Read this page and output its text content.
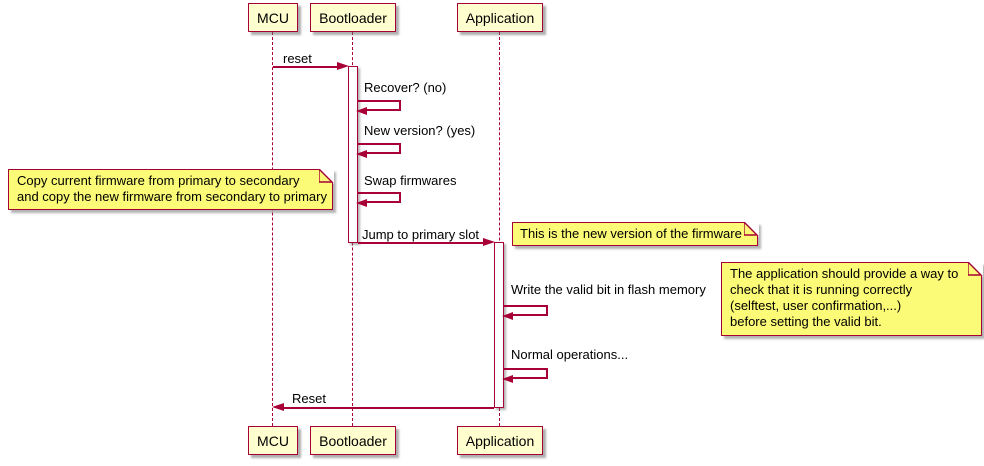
MCU Bootloader	Application
MCU Bootloader	Application
reset
Recover? (no)
New version? (yes)
Swap firmwares
Jump to primary slot
Write the valid bit in flash memory
Normal operations...
Reset
Copy current firmware from primary to secondary
and copy the new firmware from secondary to primary
This is the new version of the firmware
The application should provide a way to
check that it is running correctly
(selftest, user confirmation,...)
before setting the valid bit.
